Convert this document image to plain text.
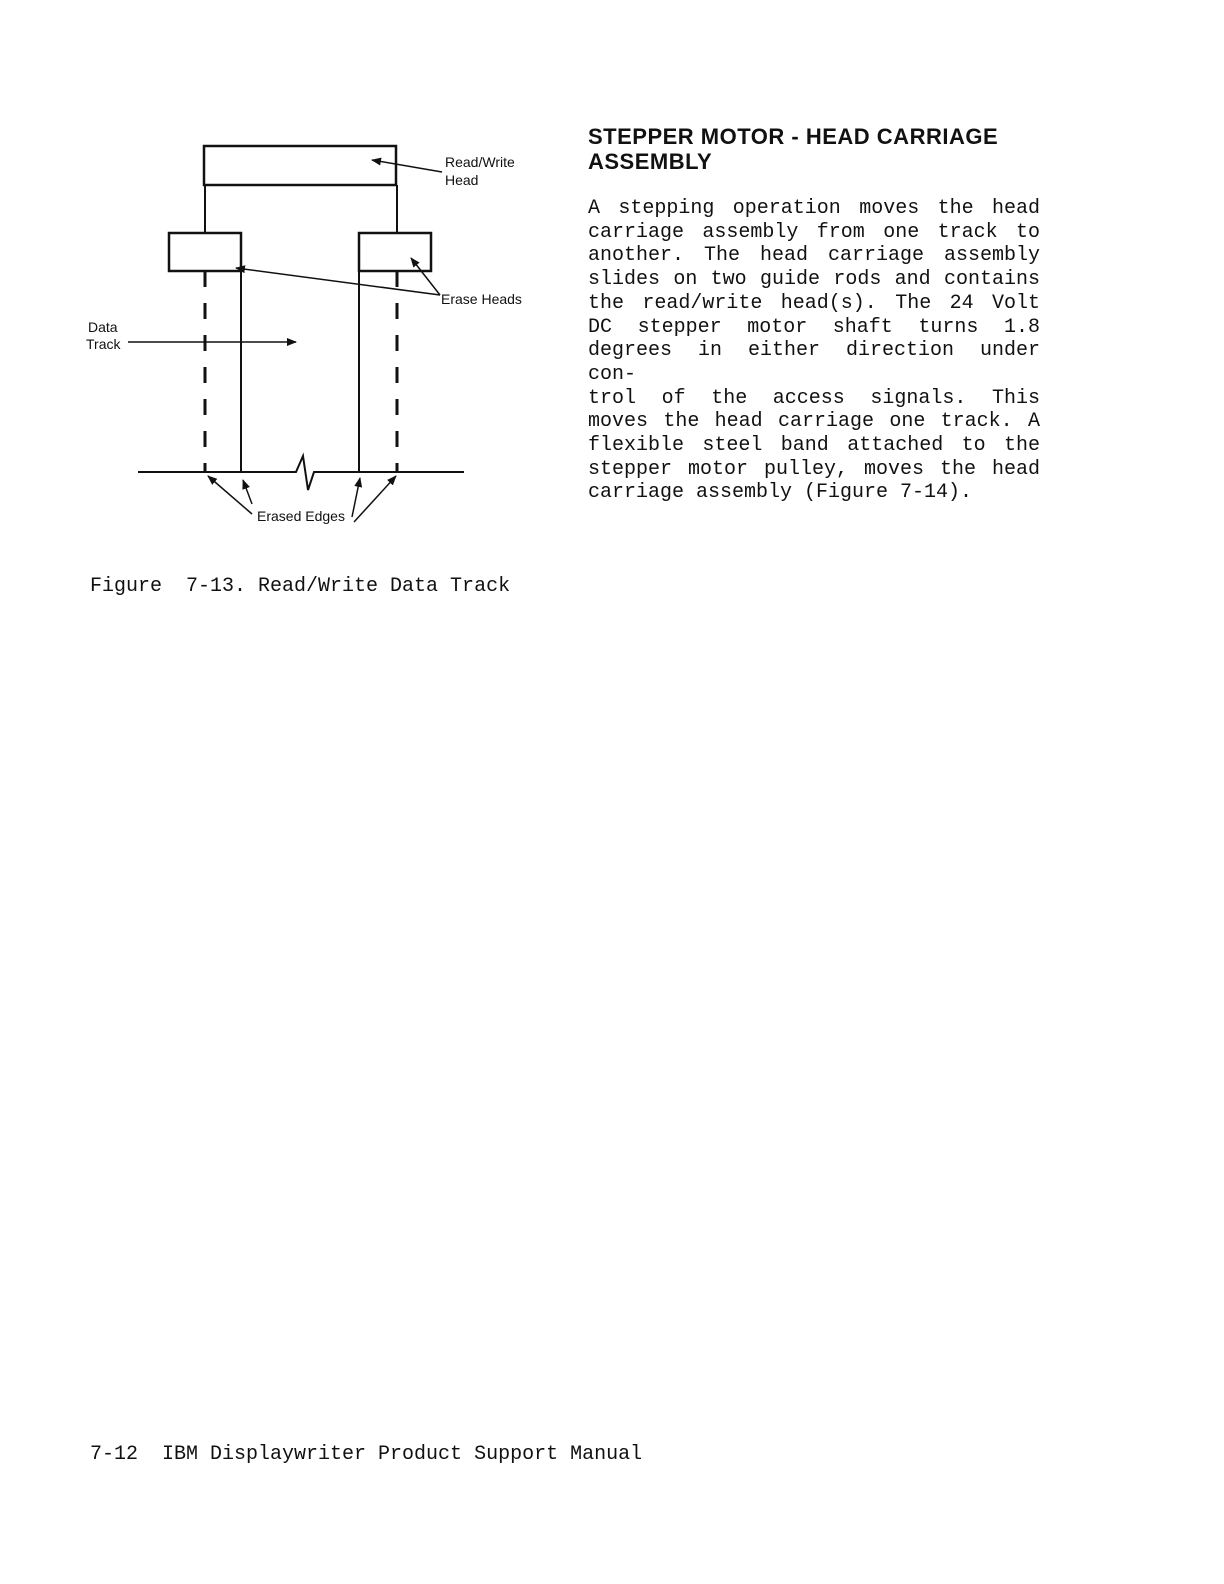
Read/Write
Head
Erase Heads
Data
Track
Erased Edges
Figure  7-13. Read/Write Data Track
STEPPER MOTOR - HEAD CARRIAGE
ASSEMBLY
A stepping operation moves the head
carriage assembly from one track to
another. The head carriage assembly
slides on two guide rods and contains
the read/write head(s). The 24 Volt
DC stepper motor shaft turns 1.8
degrees in either direction under con-
trol of the access signals. This
moves the head carriage one track. A
flexible steel band attached to the
stepper motor pulley, moves the head
carriage assembly (Figure 7-14).
7-12  IBM Displaywriter Product Support Manual
